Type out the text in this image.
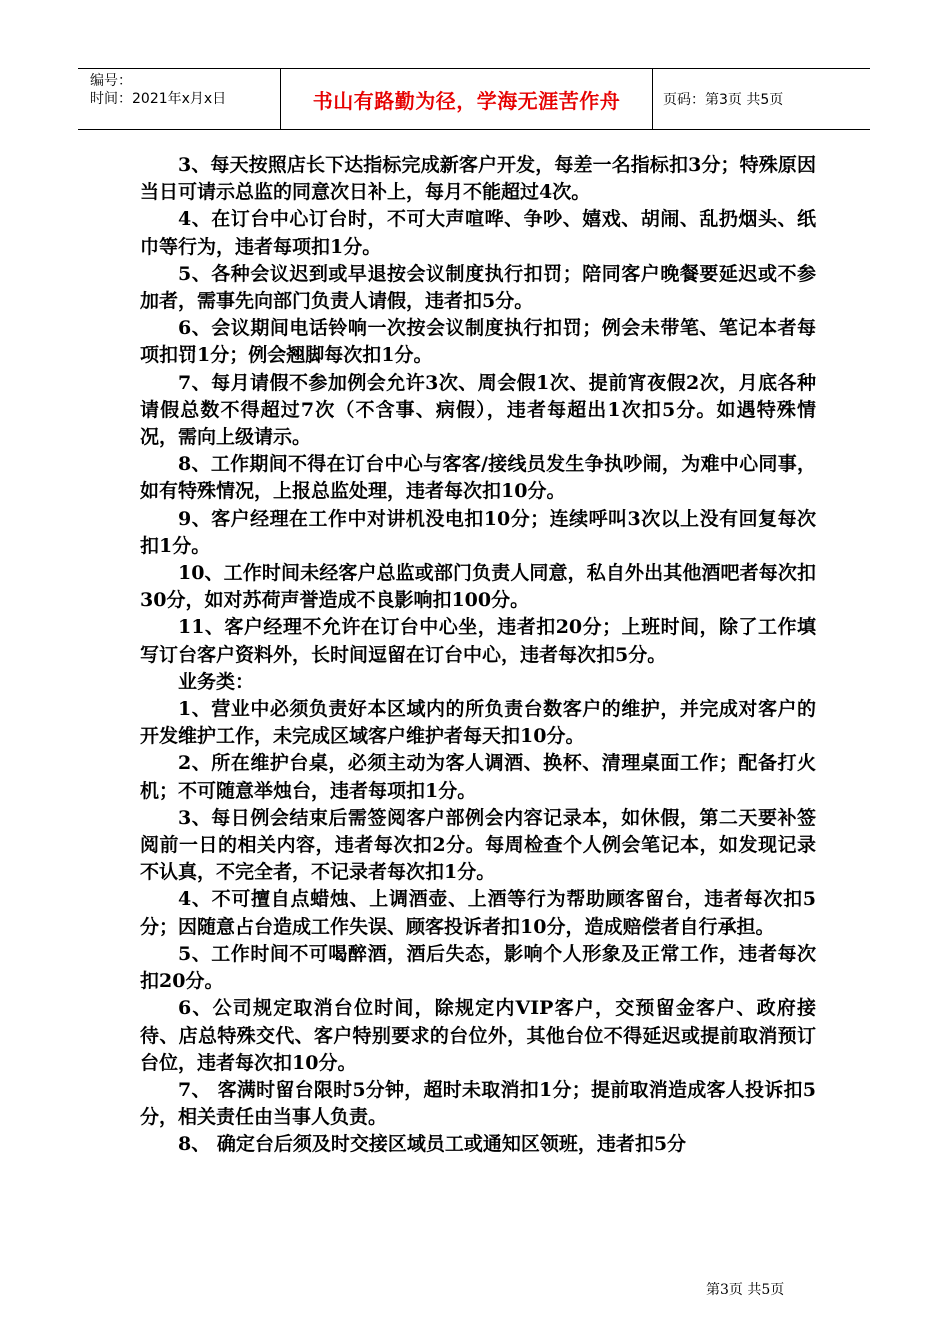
编号：
时间：2021年x月x日	书山有路勤为径，学海无涯苦作舟	页码：第3页 共5页

3、每天按照店长下达指标完成新客户开发，每差一名指标扣3分；特殊原因当日可请示总监的同意次日补上，每月不能超过4次。

4、在订台中心订台时，不可大声喧哗、争吵、嬉戏、胡闹、乱扔烟头、纸巾等行为，违者每项扣1分。

5、各种会议迟到或早退按会议制度执行扣罚；陪同客户晚餐要延迟或不参加者，需事先向部门负责人请假，违者扣5分。

6、会议期间电话铃响一次按会议制度执行扣罚；例会未带笔、笔记本者每项扣罚1分；例会翘脚每次扣1分。

7、每月请假不参加例会允许3次、周会假1次、提前宵夜假2次，月底各种请假总数不得超过7次（不含事、病假），违者每超出1次扣5分。如遇特殊情况，需向上级请示。

8、工作期间不得在订台中心与客客/接线员发生争执吵闹，为难中心同事，如有特殊情况，上报总监处理，违者每次扣10分。

9、客户经理在工作中对讲机没电扣10分；连续呼叫3次以上没有回复每次扣1分。

10、工作时间未经客户总监或部门负责人同意，私自外出其他酒吧者每次扣30分，如对苏荷声誉造成不良影响扣100分。

11、客户经理不允许在订台中心坐，违者扣20分；上班时间，除了工作填写订台客户资料外，长时间逗留在订台中心，违者每次扣5分。

业务类：

1、营业中必须负责好本区域内的所负责台数客户的维护，并完成对客户的开发维护工作，未完成区域客户维护者每天扣10分。

2、所在维护台桌，必须主动为客人调酒、换杯、清理桌面工作；配备打火机；不可随意举烛台，违者每项扣1分。

3、每日例会结束后需签阅客户部例会内容记录本，如休假，第二天要补签阅前一日的相关内容，违者每次扣2分。每周检查个人例会笔记本，如发现记录不认真，不完全者，不记录者每次扣1分。

4、不可擅自点蜡烛、上调酒壶、上酒等行为帮助顾客留台，违者每次扣5分；因随意占台造成工作失误、顾客投诉者扣10分，造成赔偿者自行承担。

5、工作时间不可喝醉酒，酒后失态，影响个人形象及正常工作，违者每次扣20分。

6、公司规定取消台位时间，除规定内VIP客户，交预留金客户、政府接待、店总特殊交代、客户特别要求的台位外，其他台位不得延迟或提前取消预订台位，违者每次扣10分。

7、 客满时留台限时5分钟，超时未取消扣1分；提前取消造成客人投诉扣5分，相关责任由当事人负责。

8、 确定台后须及时交接区域员工或通知区领班，违者扣5分

第3页 共5页
